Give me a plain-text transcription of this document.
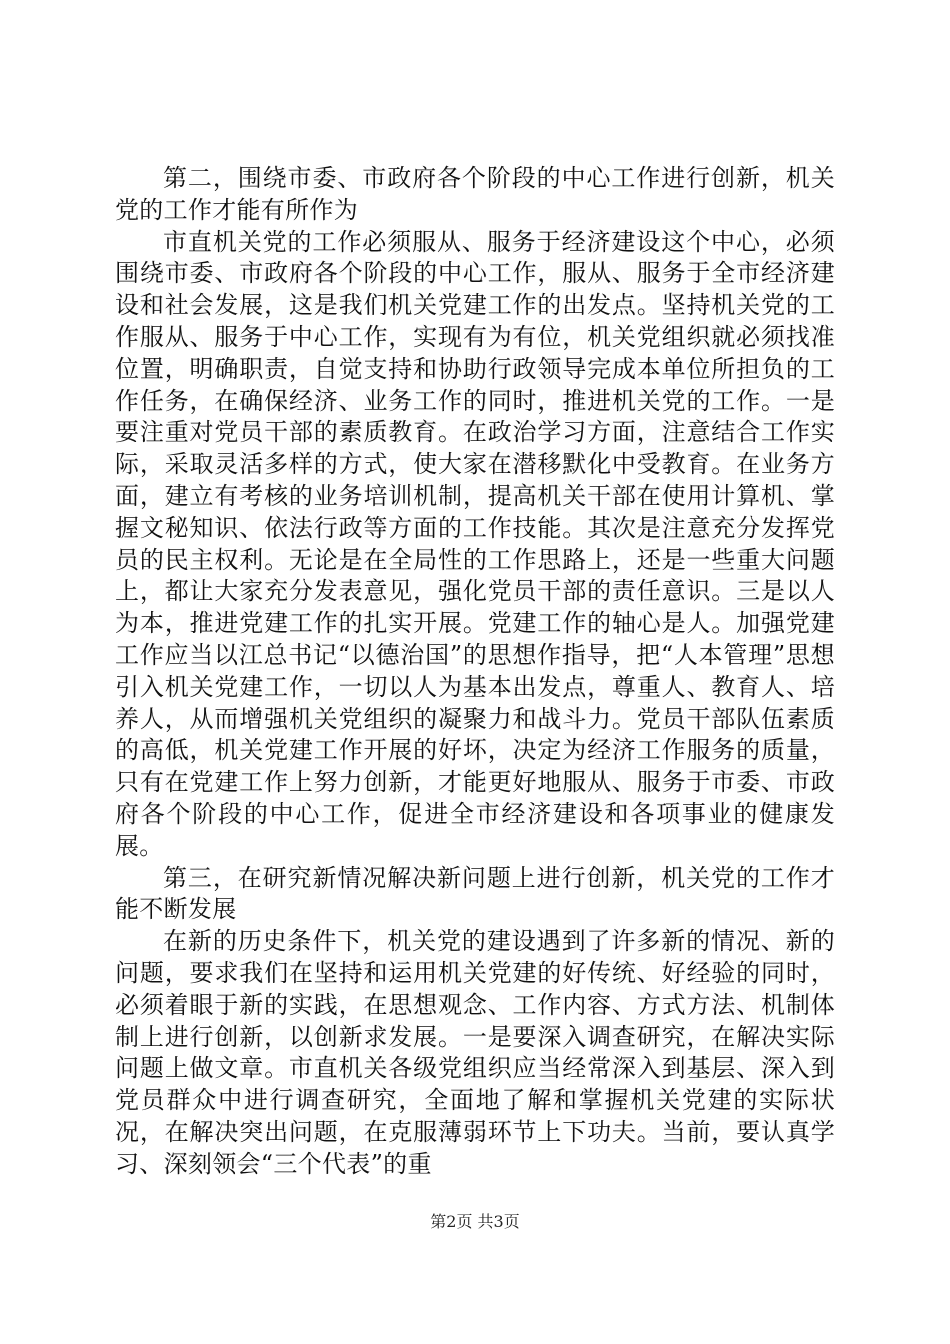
第二，围绕市委、市政府各个阶段的中心工作进行创新，机关党的工作才能有所作为

市直机关党的工作必须服从、服务于经济建设这个中心，必须围绕市委、市政府各个阶段的中心工作，服从、服务于全市经济建设和社会发展，这是我们机关党建工作的出发点。坚持机关党的工作服从、服务于中心工作，实现有为有位，机关党组织就必须找准位置，明确职责，自觉支持和协助行政领导完成本单位所担负的工作任务，在确保经济、业务工作的同时，推进机关党的工作。一是要注重对党员干部的素质教育。在政治学习方面，注意结合工作实际，采取灵活多样的方式，使大家在潜移默化中受教育。在业务方面，建立有考核的业务培训机制，提高机关干部在使用计算机、掌握文秘知识、依法行政等方面的工作技能。其次是注意充分发挥党员的民主权利。无论是在全局性的工作思路上，还是一些重大问题上，都让大家充分发表意见，强化党员干部的责任意识。三是以人为本，推进党建工作的扎实开展。党建工作的轴心是人。加强党建工作应当以江总书记“以德治国”的思想作指导，把“人本管理”思想引入机关党建工作，一切以人为基本出发点，尊重人、教育人、培养人，从而增强机关党组织的凝聚力和战斗力。党员干部队伍素质的高低，机关党建工作开展的好坏，决定为经济工作服务的质量，只有在党建工作上努力创新，才能更好地服从、服务于市委、市政府各个阶段的中心工作，促进全市经济建设和各项事业的健康发展。

第三，在研究新情况解决新问题上进行创新，机关党的工作才能不断发展

在新的历史条件下，机关党的建设遇到了许多新的情况、新的问题，要求我们在坚持和运用机关党建的好传统、好经验的同时，必须着眼于新的实践，在思想观念、工作内容、方式方法、机制体制上进行创新，以创新求发展。一是要深入调查研究，在解决实际问题上做文章。市直机关各级党组织应当经常深入到基层、深入到党员群众中进行调查研究，全面地了解和掌握机关党建的实际状况，在解决突出问题，在克服薄弱环节上下功夫。当前，要认真学习、深刻领会“三个代表”的重

第2页 共3页
